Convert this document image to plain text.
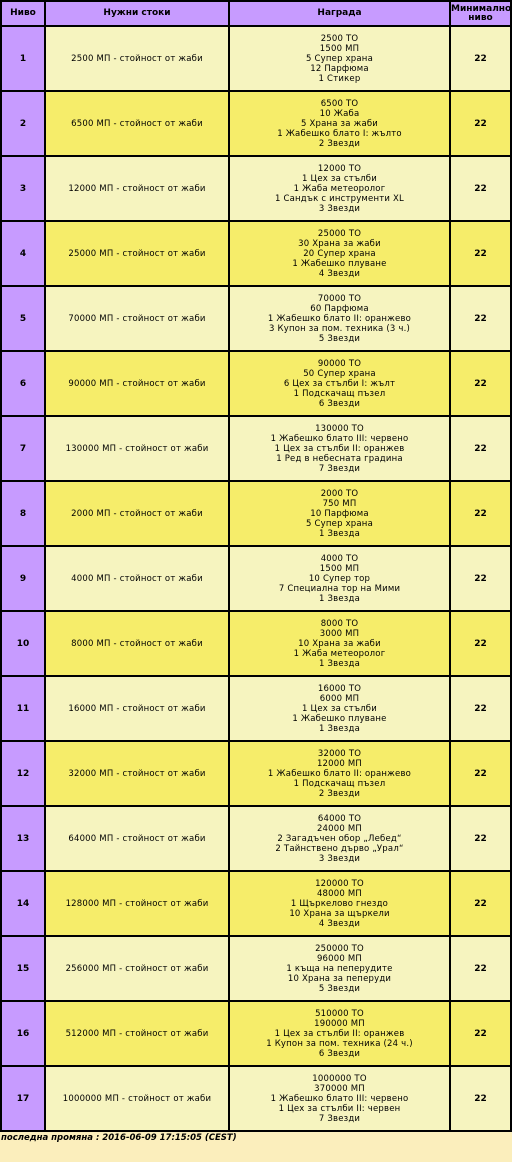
Ниво	Нужни стоки	Награда	Минимално
ниво
1	2500 МП - стойност от жаби	2500 ТО
1500 МП
5 Супер храна
12 Парфюма
1 Стикер	22
2	6500 МП - стойност от жаби	6500 ТО
10 Жаба
5 Храна за жаби
1 Жабешко блато I: жълто
2 Звезди	22
3	12000 МП - стойност от жаби	12000 ТО
1 Цех за стълби
1 Жаба метеоролог
1 Сандък с инструменти XL
3 Звезди	22
4	25000 МП - стойност от жаби	25000 ТО
30 Храна за жаби
20 Супер храна
1 Жабешко плуване
4 Звезди	22
5	70000 МП - стойност от жаби	70000 ТО
60 Парфюма
1 Жабешко блато II: оранжево
3 Купон за пом. техника (3 ч.)
5 Звезди	22
6	90000 МП - стойност от жаби	90000 ТО
50 Супер храна
6 Цех за стълби I: жълт
1 Подскачащ пъзел
6 Звезди	22
7	130000 МП - стойност от жаби	130000 ТО
1 Жабешко блато III: червено
1 Цех за стълби II: оранжев
1 Ред в небесната градина
7 Звезди	22
8	2000 МП - стойност от жаби	2000 ТО
750 МП
10 Парфюма
5 Супер храна
1 Звезда	22
9	4000 МП - стойност от жаби	4000 ТО
1500 МП
10 Супер тор
7 Специална тор на Мими
1 Звезда	22
10	8000 МП - стойност от жаби	8000 ТО
3000 МП
10 Храна за жаби
1 Жаба метеоролог
1 Звезда	22
11	16000 МП - стойност от жаби	16000 ТО
6000 МП
1 Цех за стълби
1 Жабешко плуване
1 Звезда	22
12	32000 МП - стойност от жаби	32000 ТО
12000 МП
1 Жабешко блато II: оранжево
1 Подскачащ пъзел
2 Звезди	22
13	64000 МП - стойност от жаби	64000 ТО
24000 МП
2 Загадъчен обор „Лебед“
2 Тайнствено дърво „Урал“
3 Звезди	22
14	128000 МП - стойност от жаби	120000 ТО
48000 МП
1 Щъркелово гнездо
10 Храна за щъркели
4 Звезди	22
15	256000 МП - стойност от жаби	250000 ТО
96000 МП
1 къща на пеперудите
10 Храна за пеперуди
5 Звезди	22
16	512000 МП - стойност от жаби	510000 ТО
190000 МП
1 Цех за стълби II: оранжев
1 Купон за пом. техника (24 ч.)
6 Звезди	22
17	1000000 МП - стойност от жаби	1000000 ТО
370000 МП
1 Жабешко блато III: червено
1 Цех за стълби II: червен
7 Звезди	22
последна промяна : 2016-06-09 17:15:05 (CEST)
